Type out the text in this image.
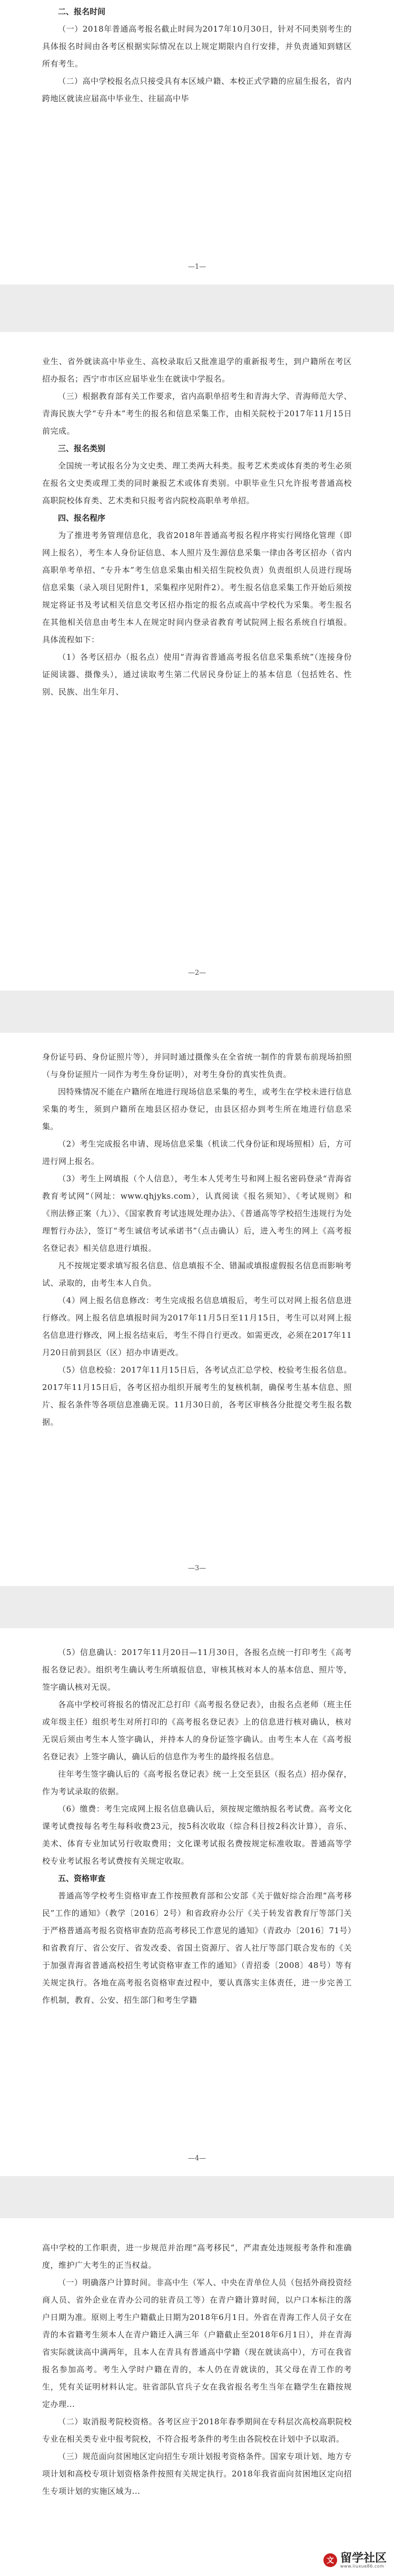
二、报名时间

（一）2018年普通高考报名截止时间为2017年10月30日，针对不同类别考生的具体报名时间由各考区根据实际情况在以上规定期限内自行安排，并负责通知到辖区所有考生。

（二）高中学校报名点只接受具有本区域户籍、本校正式学籍的应届生报名，省内跨地区就读应届高中毕业生、往届高中毕

—1—

业生、省外就读高中毕业生、高校录取后又批准退学的重新报考生，到户籍所在考区招办报名；西宁市市区应届毕业生在就读中学报名。

（三）根据教育部有关工作要求，省内高职单招考生和青海大学、青海师范大学、青海民族大学“专升本”考生的报名和信息采集工作，由相关院校于2017年11月15日前完成。

三、报名类别

全国统一考试报名分为文史类、理工类两大科类。报考艺术类或体育类的考生必须在报名文史类或理工类的同时兼报艺术或体育类别。中职毕业生只允许报考普通高校高职院校体育类、艺术类和只报考省内院校高职单考单招。

四、报名程序

为了推进考务管理信息化，我省2018年普通高考报名程序将实行网络化管理（即网上报名），考生本人身份证信息、本人照片及生源信息采集一律由各考区招办（省内高职单考单招、“专升本”考生信息采集由相关招生院校负责）负责组织人员进行现场信息采集（录入项目见附件1，采集程序见附件2）。考生报名信息采集工作开始后须按规定将证书及考试相关信息交考区招办指定的报名点或高中学校代为采集。考生报名在其他相关信息由考生本人在规定时间内登录省教育考试院网上报名系统自行填报。具体流程如下：

（1）各考区招办（报名点）使用“青海省普通高考报名信息采集系统”（连接身份证阅读器、摄像头），通过读取考生第二代居民身份证上的基本信息（包括姓名、性别、民族、出生年月、

—2—

身份证号码、身份证照片等），并同时通过摄像头在全省统一制作的背景布前现场拍照（与身份证照片一同作为考生身份证明），对考生身份的真实性负责。

因特殊情况不能在户籍所在地进行现场信息采集的考生，或考生在学校未进行信息采集的考生，须到户籍所在地县区招办登记，由县区招办到考生所在地进行信息采集。

（2）考生完成报名申请、现场信息采集（机读二代身份证和现场照相）后，方可进行网上报名。

（3）考生上网填报（个人信息），考生本人凭考生号和网上报名密码登录“青海省教育考试网”（网址：www.qhjyks.com），认真阅读《报名须知》、《考试规则》和《刑法修正案（九）》、《国家教育考试违规处理办法》、《普通高等学校招生违规行为处理暂行办法》，签订“考生诚信考试承诺书”（点击确认）后，进入考生的网上《高考报名登记表》相关信息进行填报。

凡不按规定要求填写报名信息、信息填报不全、错漏或填报虚假报名信息而影响考试、录取的，由考生本人自负。

（4）网上报名信息修改：考生完成报名信息填报后，考生可以对网上报名信息进行修改。网上报名信息填报时间为2017年11月5日至11月15日，考生可以对网上报名信息进行修改，网上报名结束后，考生不得自行更改。如需更改，必须在2017年11月20日前到县区（区）招办申请更改。

（5）信息校验：2017年11月15日后，各考试点汇总学校、校验考生报名信息。2017年11月15日后，各考区招办组织开展考生的复核机制，确保考生基本信息、照片、报名条件等各项信息准确无误。11月30日前，各考区审核各分批提交考生报名数据。

—3—

（5）信息确认：2017年11月20日—11月30日，各报名点统一打印考生《高考报名登记表》。组织考生确认考生所填报信息，审核其核对本人的基本信息、照片等，签字确认核对无误。

各高中学校可将报名的情况汇总打印《高考报名登记表》，由报名点老师（班主任或年级主任）组织考生对所打印的《高考报名登记表》上的信息进行核对确认，核对无误后须由考生本人签字确认，并持本人的身份证签字确认。由考生本人在《高考报名登记表》上签字确认，确认后的信息作为考生的最终报名信息。

往年考生签字确认后的《高考报名登记表》统一上交至县区（报名点）招办保存，作为考试录取的依据。

（6）缴费：考生完成网上报名信息确认后，须按规定缴纳报名考试费。高考文化课考试费按每名考生每科收费23元，按5科次收取（综合科目按2科次计算），音乐、美术、体育专业加试另行收取费用；文化课考试报名费按规定标准收取。普通高等学校专业考试报名考试费按有关规定收取。

五、资格审查

普通高等学校考生资格审查工作按照教育部和公安部《关于做好综合治理“高考移民”工作的通知》（教学〔2016〕2号）和省政府办公厅《关于转发省教育厅等部门关于严格普通高考报名资格审查防范高考移民工作意见的通知》（青政办〔2016〕71号）和省教育厅、省公安厅、省发改委、省国土资源厅、省人社厅等部门联合发布的《关于加强青海省普通高校招生考试资格审查工作的通知》（青招委〔2008〕48号）等有关规定执行。各地在高考报名资格审查过程中，要认真落实主体责任，进一步完善工作机制，教育、公安、招生部门和考生学籍

—4—

高中学校的工作职责，进一步规范并治理“高考移民”，严肃查处违规报考条件和准确度，维护广大考生的正当权益。

（一）明确落户计算时间。非高中生（军人、中央在青单位人员（包括外商投资经商人员、省外企业在青办公司的驻青员工等）在青户籍计算时间，以户口本标注的落户日期为准。原则上考生户籍截止日期为2018年6月1日。外省在青海工作人员子女在青的本省籍考生须本人在青户籍迁入满三年（户籍截止至2018年6月1日），并在青海省实际就读高中满两年，且本人在青具有普通高中学籍（现在就读高中），方可在我省报名参加高考。考生入学时户籍在青的，本人仍在青就读的，其父母在青工作的考生，凭有关证明材料认定。驻省部队官兵子女在我省报名考生当年在籍学生在籍按规定办理...

（二）取消报考院校资格。各考区应于2018年春季期间在专科层次高校高职院校专业在相关类专业中报考院校，不符合报考条件的考生由各院校在计划中予以取消。

（三）规范面向贫困地区定向招生专项计划报考资格条件。国家专项计划、地方专项计划和高校专项计划资格条件按照有关规定执行。2018年我省面向贫困地区定向招生专项计划的实施区域为...

文 留学社区
www.liuxue86.com
